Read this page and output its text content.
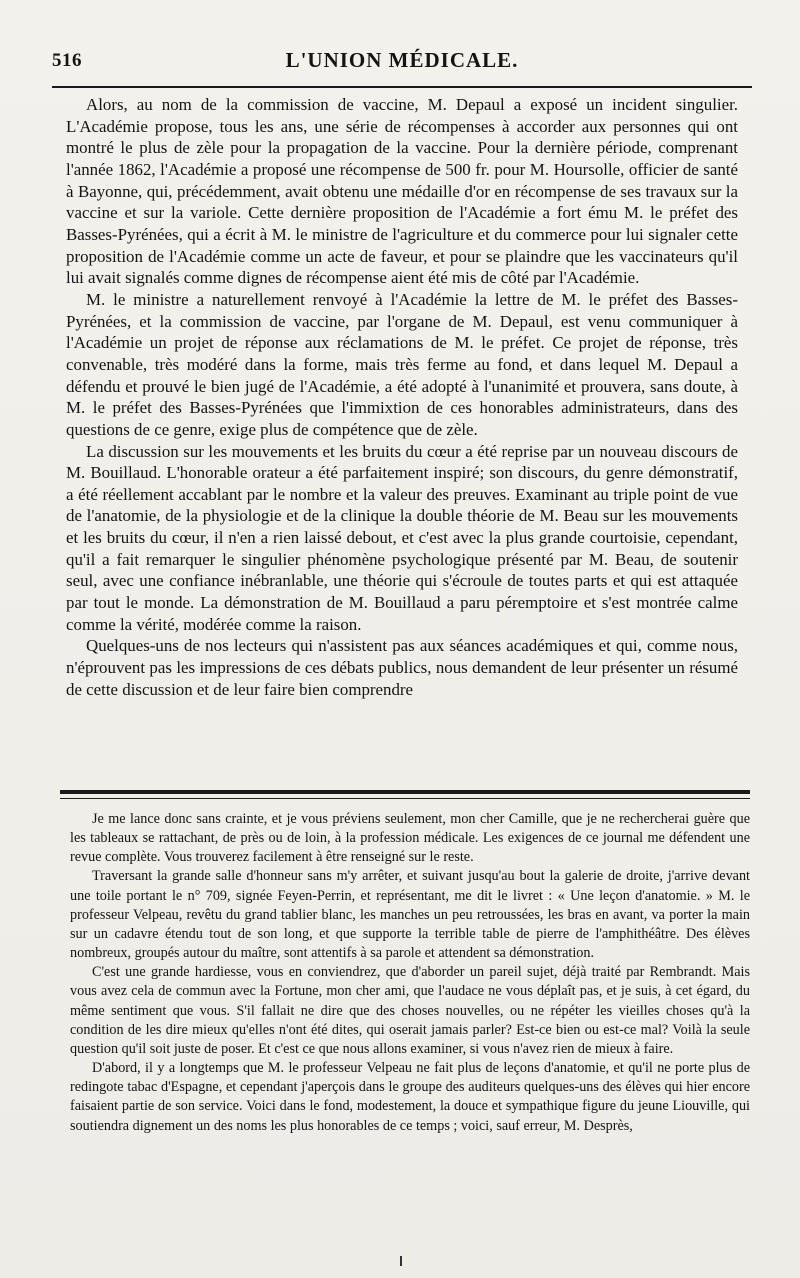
516	L'UNION MÉDICALE.

Alors, au nom de la commission de vaccine, M. Depaul a exposé un incident singulier. L'Académie propose, tous les ans, une série de récompenses à accorder aux personnes qui ont montré le plus de zèle pour la propagation de la vaccine. Pour la dernière période, comprenant l'année 1862, l'Académie a proposé une récompense de 500 fr. pour M. Hoursolle, officier de santé à Bayonne, qui, précédemment, avait obtenu une médaille d'or en récompense de ses travaux sur la vaccine et sur la variole. Cette dernière proposition de l'Académie a fort ému M. le préfet des Basses-Pyrénées, qui a écrit à M. le ministre de l'agriculture et du commerce pour lui signaler cette proposition de l'Académie comme un acte de faveur, et pour se plaindre que les vaccinateurs qu'il lui avait signalés comme dignes de récompense aient été mis de côté par l'Académie.

M. le ministre a naturellement renvoyé à l'Académie la lettre de M. le préfet des Basses-Pyrénées, et la commission de vaccine, par l'organe de M. Depaul, est venu communiquer à l'Académie un projet de réponse aux réclamations de M. le préfet. Ce projet de réponse, très convenable, très modéré dans la forme, mais très ferme au fond, et dans lequel M. Depaul a défendu et prouvé le bien jugé de l'Académie, a été adopté à l'unanimité et prouvera, sans doute, à M. le préfet des Basses-Pyrénées que l'immixtion de ces honorables administrateurs, dans des questions de ce genre, exige plus de compétence que de zèle.

La discussion sur les mouvements et les bruits du cœur a été reprise par un nouveau discours de M. Bouillaud. L'honorable orateur a été parfaitement inspiré; son discours, du genre démonstratif, a été réellement accablant par le nombre et la valeur des preuves. Examinant au triple point de vue de l'anatomie, de la physiologie et de la clinique la double théorie de M. Beau sur les mouvements et les bruits du cœur, il n'en a rien laissé debout, et c'est avec la plus grande courtoisie, cependant, qu'il a fait remarquer le singulier phénomène psychologique présenté par M. Beau, de soutenir seul, avec une confiance inébranlable, une théorie qui s'écroule de toutes parts et qui est attaquée par tout le monde. La démonstration de M. Bouillaud a paru péremptoire et s'est montrée calme comme la vérité, modérée comme la raison.

Quelques-uns de nos lecteurs qui n'assistent pas aux séances académiques et qui, comme nous, n'éprouvent pas les impressions de ces débats publics, nous demandent de leur présenter un résumé de cette discussion et de leur faire bien comprendre

Je me lance donc sans crainte, et je vous préviens seulement, mon cher Camille, que je ne rechercherai guère que les tableaux se rattachant, de près ou de loin, à la profession médicale. Les exigences de ce journal me défendent une revue complète. Vous trouverez facilement à être renseigné sur le reste.

Traversant la grande salle d'honneur sans m'y arrêter, et suivant jusqu'au bout la galerie de droite, j'arrive devant une toile portant le n° 709, signée Feyen-Perrin, et représentant, me dit le livret : « Une leçon d'anatomie. » M. le professeur Velpeau, revêtu du grand tablier blanc, les manches un peu retroussées, les bras en avant, va porter la main sur un cadavre étendu tout de son long, et que supporte la terrible table de pierre de l'amphithéâtre. Des élèves nombreux, groupés autour du maître, sont attentifs à sa parole et attendent sa démonstration.

C'est une grande hardiesse, vous en conviendrez, que d'aborder un pareil sujet, déjà traité par Rembrandt. Mais vous avez cela de commun avec la Fortune, mon cher ami, que l'audace ne vous déplaît pas, et je suis, à cet égard, du même sentiment que vous. S'il fallait ne dire que des choses nouvelles, ou ne répéter les vieilles choses qu'à la condition de les dire mieux qu'elles n'ont été dites, qui oserait jamais parler? Est-ce bien ou est-ce mal? Voilà la seule question qu'il soit juste de poser. Et c'est ce que nous allons examiner, si vous n'avez rien de mieux à faire.

D'abord, il y a longtemps que M. le professeur Velpeau ne fait plus de leçons d'anatomie, et qu'il ne porte plus de redingote tabac d'Espagne, et cependant j'aperçois dans le groupe des auditeurs quelques-uns des élèves qui hier encore faisaient partie de son service. Voici dans le fond, modestement, la douce et sympathique figure du jeune Liouville, qui soutiendra dignement un des noms les plus honorables de ce temps ; voici, sauf erreur, M. Desprès,
